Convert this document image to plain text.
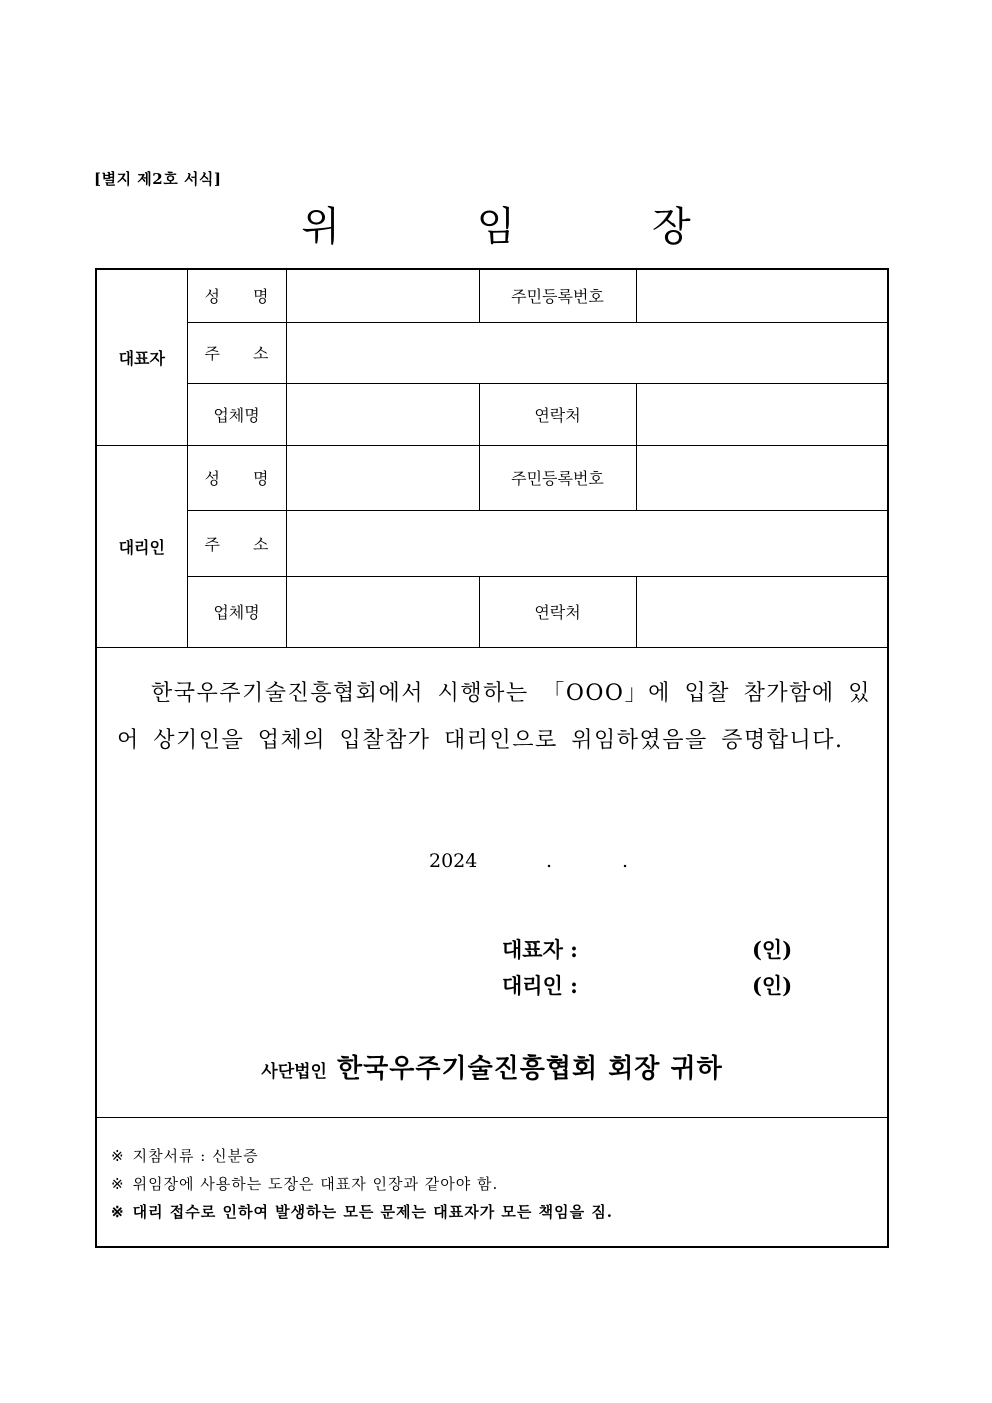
[별지 제2호 서식]
위 임 장
대표자	성 명		주민등록번호	
	주 소			
	업체명		연락처	
대리인	성 명		주민등록번호	
	주 소			
	업체명		연락처	
한국우주기술진흥협회에서 시행하는 「OOO」에 입찰 참가함에 있어 상기인을 업체의 입찰참가 대리인으로 위임하였음을 증명합니다.
2024	.	.
대표자 :	(인)
대리인 :	(인)
사단법인 한국우주기술진흥협회 회장 귀하
※ 지참서류 : 신분증
※ 위임장에 사용하는 도장은 대표자 인장과 같아야 함.
※ 대리 접수로 인하여 발생하는 모든 문제는 대표자가 모든 책임을 짐.
